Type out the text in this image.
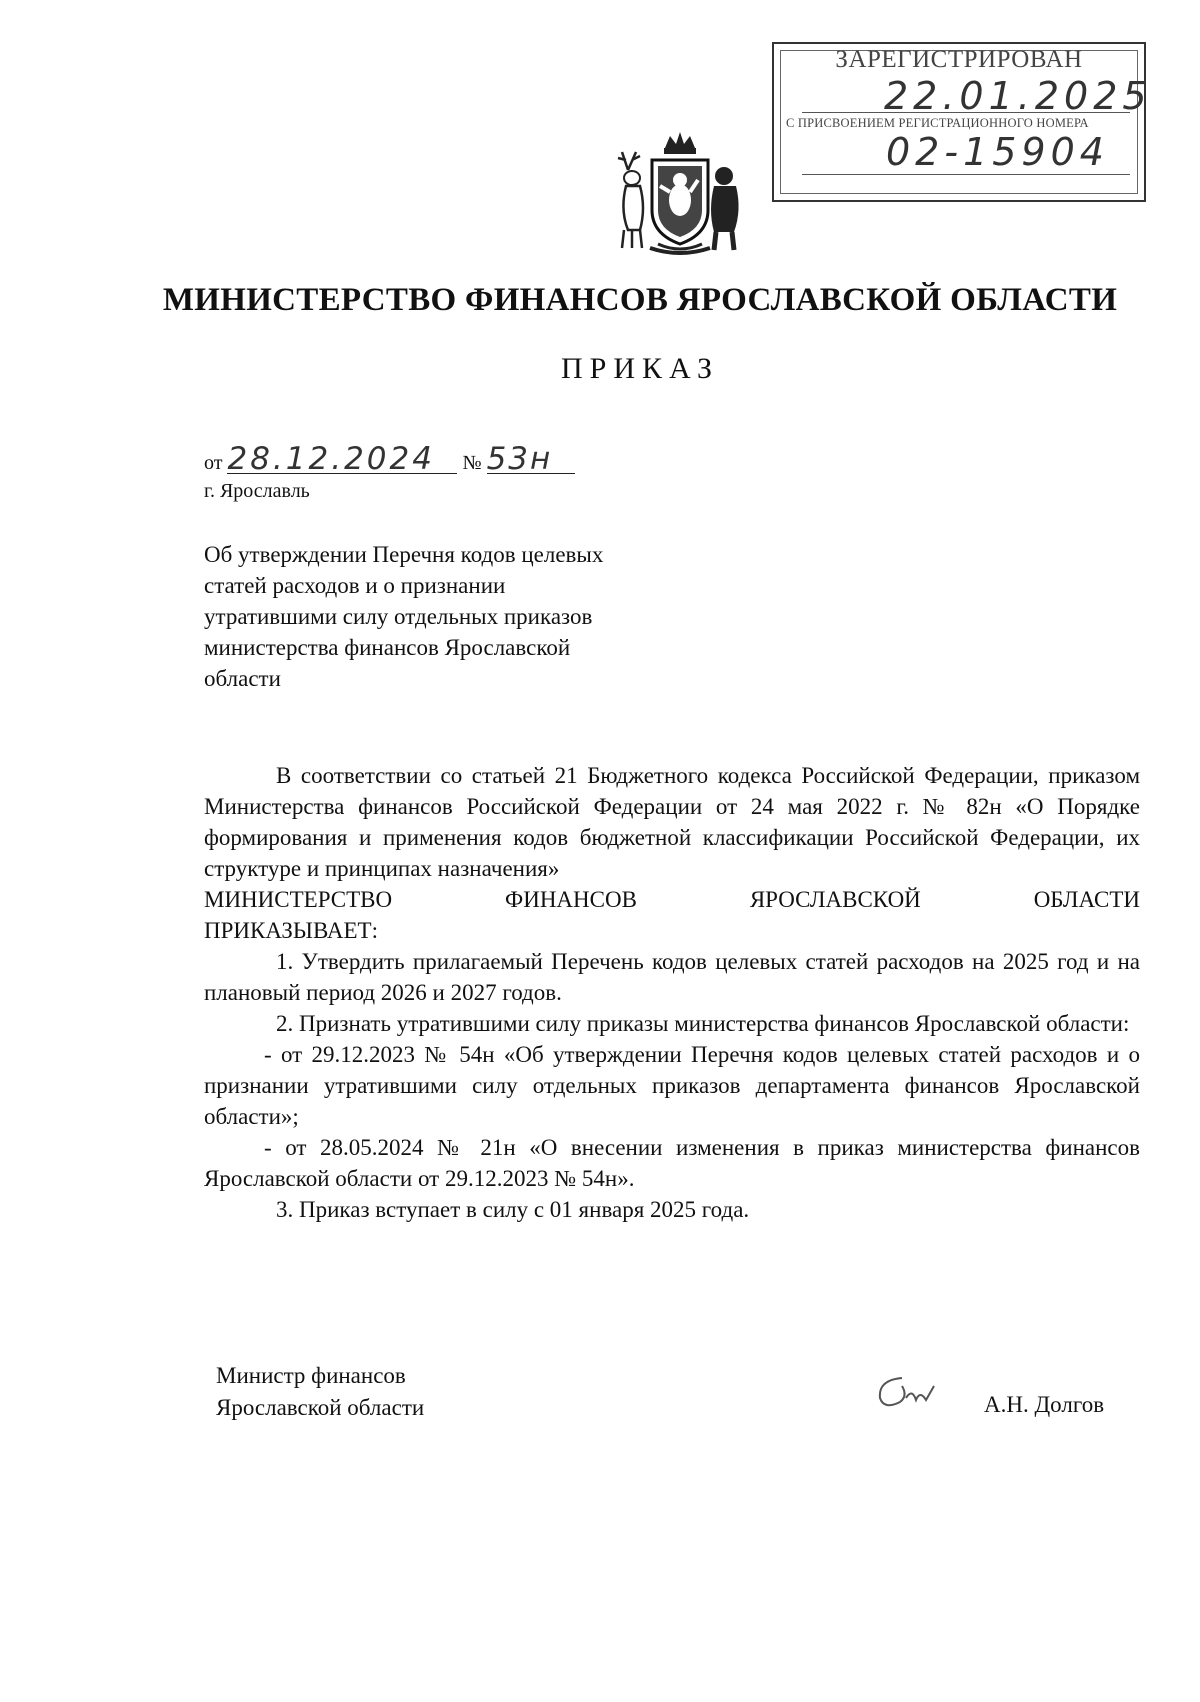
ЗАРЕГИСТРИРОВАН
22.01.2025
С ПРИСВОЕНИЕМ РЕГИСТРАЦИОННОГО НОМЕРА
02-15904
МИНИСТЕРСТВО ФИНАНСОВ ЯРОСЛАВСКОЙ ОБЛАСТИ
ПРИКАЗ
от 28.12.2024 № 53н
г. Ярославль
Об утверждении Перечня кодов целевых статей расходов и о признании утратившими силу отдельных приказов министерства финансов Ярославской области

В соответствии со статьей 21 Бюджетного кодекса Российской Федерации, приказом Министерства финансов Российской Федерации от 24 мая 2022 г. № 82н «О Порядке формирования и применения кодов бюджетной классификации Российской Федерации, их структуре и принципах назначения»

МИНИСТЕРСТВО ФИНАНСОВ ЯРОСЛАВСКОЙ ОБЛАСТИ ПРИКАЗЫВАЕТ:

1. Утвердить прилагаемый Перечень кодов целевых статей расходов на 2025 год и на плановый период 2026 и 2027 годов.

2. Признать утратившими силу приказы министерства финансов Ярославской области:

- от 29.12.2023 № 54н «Об утверждении Перечня кодов целевых статей расходов и о признании утратившими силу отдельных приказов департамента финансов Ярославской области»;

- от 28.05.2024 № 21н «О внесении изменения в приказ министерства финансов Ярославской области от 29.12.2023 № 54н».

3. Приказ вступает в силу с 01 января 2025 года.

Министр финансов
Ярославской области	А.Н. Долгов
